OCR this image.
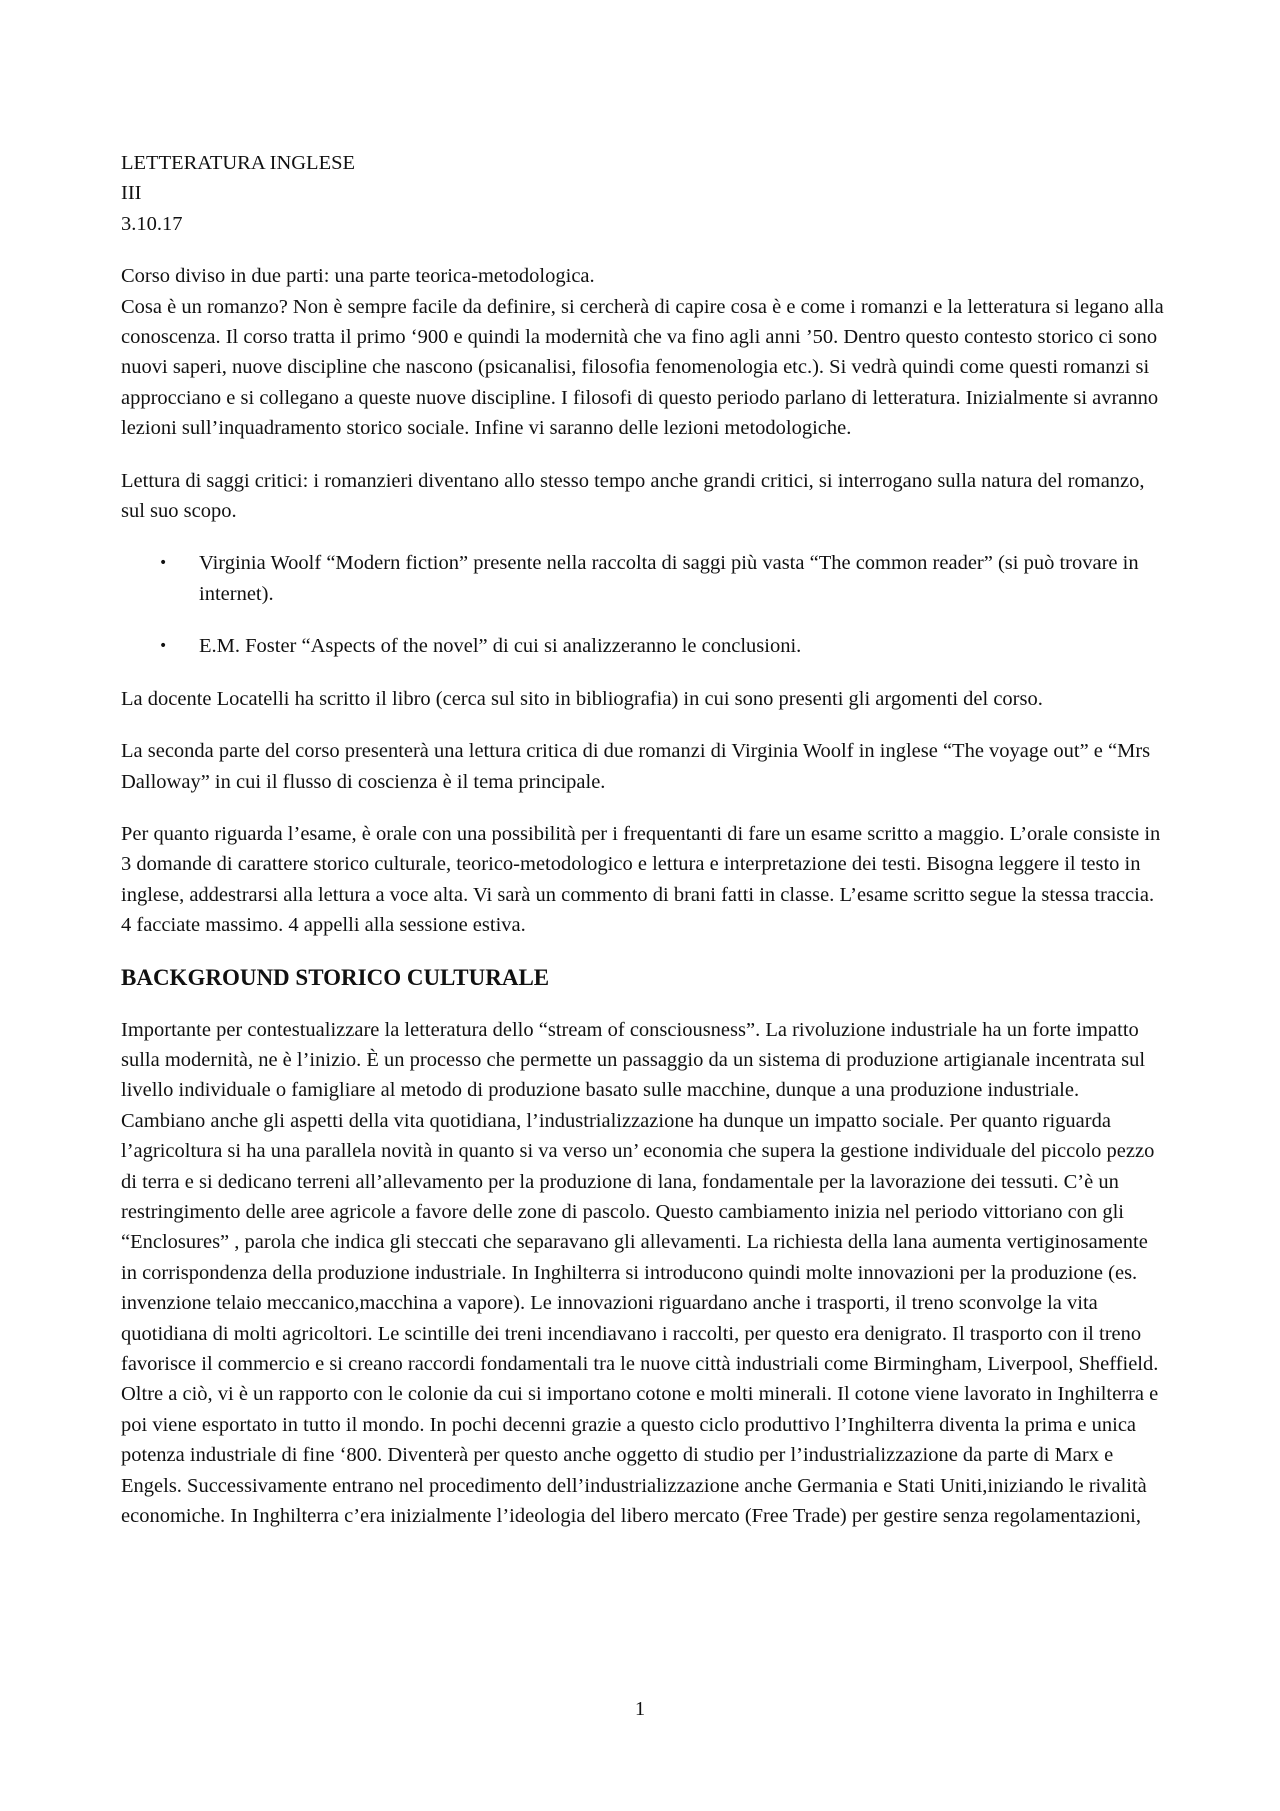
LETTERATURA INGLESE
III
3.10.17

Corso diviso in due parti: una parte teorica-metodologica.

Cosa è un romanzo? Non è sempre facile da definire, si cercherà di capire cosa è e come i romanzi e la letteratura si legano alla conoscenza. Il corso tratta il primo ‘900 e quindi la modernità che va fino agli anni ’50. Dentro questo contesto storico ci sono nuovi saperi, nuove discipline che nascono (psicanalisi, filosofia fenomenologia etc.). Si vedrà quindi come questi romanzi si approcciano e si collegano a queste nuove discipline. I filosofi di questo periodo parlano di letteratura. Inizialmente si avranno lezioni sull’inquadramento storico sociale. Infine vi saranno delle lezioni metodologiche.

Lettura di saggi critici: i romanzieri diventano allo stesso tempo anche grandi critici, si interrogano sulla natura del romanzo, sul suo scopo.

• Virginia Woolf “Modern fiction” presente nella raccolta di saggi più vasta “The common reader” (si può trovare in internet).
• E.M. Foster “Aspects of the novel” di cui si analizzeranno le conclusioni.

La docente Locatelli ha scritto il libro (cerca sul sito in bibliografia) in cui sono presenti gli argomenti del corso.

La seconda parte del corso presenterà una lettura critica di due romanzi di Virginia Woolf in inglese “The voyage out” e “Mrs Dalloway” in cui il flusso di coscienza è il tema principale.

Per quanto riguarda l’esame, è orale con una possibilità per i frequentanti di fare un esame scritto a maggio. L’orale consiste in 3 domande di carattere storico culturale, teorico-metodologico e lettura e interpretazione dei testi. Bisogna leggere il testo in inglese, addestrarsi alla lettura a voce alta. Vi sarà un commento di brani fatti in classe. L’esame scritto segue la stessa traccia. 4 facciate massimo. 4 appelli alla sessione estiva.

BACKGROUND STORICO CULTURALE

Importante per contestualizzare la letteratura dello “stream of consciousness”. La rivoluzione industriale ha un forte impatto sulla modernità, ne è l’inizio. È un processo che permette un passaggio da un sistema di produzione artigianale incentrata sul livello individuale o famigliare al metodo di produzione basato sulle macchine, dunque a una produzione industriale. Cambiano anche gli aspetti della vita quotidiana, l’industrializzazione ha dunque un impatto sociale. Per quanto riguarda l’agricoltura si ha una parallela novità in quanto si va verso un’ economia che supera la gestione individuale del piccolo pezzo di terra e si dedicano terreni all’allevamento per la produzione di lana, fondamentale per la lavorazione dei tessuti. C’è un restringimento delle aree agricole a favore delle zone di pascolo. Questo cambiamento inizia nel periodo vittoriano con gli “Enclosures” , parola che indica gli steccati che separavano gli allevamenti. La richiesta della lana aumenta vertiginosamente in corrispondenza della produzione industriale. In Inghilterra si introducono quindi molte innovazioni per la produzione (es. invenzione telaio meccanico,macchina a vapore). Le innovazioni riguardano anche i trasporti, il treno sconvolge la vita quotidiana di molti agricoltori. Le scintille dei treni incendiavano i raccolti, per questo era denigrato. Il trasporto con il treno favorisce il commercio e si creano raccordi fondamentali tra le nuove città industriali come Birmingham, Liverpool, Sheffield. Oltre a ciò, vi è un rapporto con le colonie da cui si importano cotone e molti minerali. Il cotone viene lavorato in Inghilterra e poi viene esportato in tutto il mondo. In pochi decenni grazie a questo ciclo produttivo l’Inghilterra diventa la prima e unica potenza industriale di fine ‘800. Diventerà per questo anche oggetto di studio per l’industrializzazione da parte di Marx e Engels. Successivamente entrano nel procedimento dell’industrializzazione anche Germania e Stati Uniti,iniziando le rivalità economiche. In Inghilterra c’era inizialmente l’ideologia del libero mercato (Free Trade) per gestire senza regolamentazioni,

1
